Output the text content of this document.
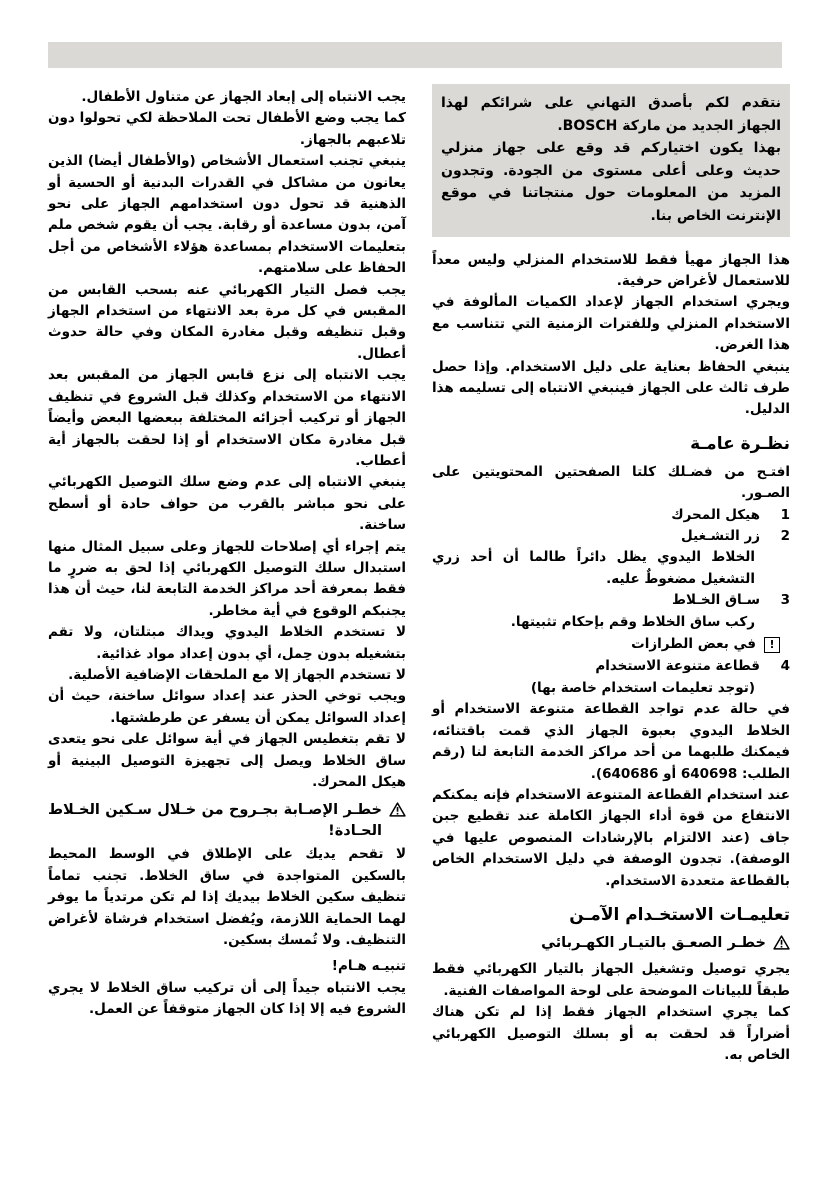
نتقدم لكم بأصدق التهاني على شرائكم لهذا الجهاز الجديد من ماركة BOSCH.

بهذا يكون اختياركم قد وقع على جهاز منزلي حديث وعلى أعلى مستوى من الجودة. وتجدون المزيد من المعلومات حول منتجاتنا في موقع الإنترنت الخاص بنا.

هذا الجهاز مهيأ فقط للاستخدام المنزلي وليس معداً للاستعمال لأغراض حرفية.

ويجري استخدام الجهاز لإعداد الكميات المألوفة في الاستخدام المنزلي وللفترات الزمنية التي تتناسب مع هذا الغرض.

ينبغي الحفاظ بعناية على دليل الاستخدام. وإذا حصل طرف ثالث على الجهاز فينبغي الانتباه إلى تسليمه هذا الدليل.

نظـرة عامـة

افتـح من فضـلك كلتا الصفحتين المحتويتين على الصـور.

1
هيكل المحرك
2
زر التشـغيل
الخلاط اليدوي يظل دائراً طالما أن أحد زري التشغيل مضغوطٌ عليه.
3
سـاق الخـلاط
ركب ساق الخلاط وقم بإحكام تثبيتها.
!
في بعض الطرازات
4
قطاعة متنوعة الاستخدام
(توجد تعليمات استخدام خاصة بها)

في حالة عدم تواجد القطاعة متنوعة الاستخدام أو الخلاط اليدوي بعبوة الجهاز الذي قمت باقتنائه، فيمكنك طلبهما من أحد مراكز الخدمة التابعة لنا (رقم الطلب: 640698 أو 640686).

عند استخدام القطاعة المتنوعة الاستخدام فإنه يمكنكم الانتفاع من قوة أداء الجهاز الكاملة عند تقطيع جبن جاف (عند الالتزام بالإرشادات المنصوص عليها في الوصفة). تجدون الوصفة في دليل الاستخدام الخاص بالقطاعة متعددة الاستخدام.

تعليمـات الاستخـدام الآمـن
خطـر الصعـق بالتيـار الكهـربائي

يجري توصيل وتشغيل الجهاز بالتيار الكهربائي فقط طبقاً للبيانات الموضحة على لوحة المواصفات الفنية.

كما يجري استخدام الجهاز فقط إذا لم تكن هناك أضراراً قد لحقت به أو بسلك التوصيل الكهربائي الخاص به.

يجب الانتباه إلى إبعاد الجهاز عن متناول الأطفال.

كما يجب وضع الأطفال تحت الملاحظة لكي تحولوا دون تلاعبهم بالجهاز.

ينبغي تجنب استعمال الأشخاص (والأطفال أيضا) الذين يعانون من مشاكل في القدرات البدنية أو الحسية أو الذهنية قد تحول دون استخدامهم الجهاز على نحو آمن، بدون مساعدة أو رقابة. يجب أن يقوم شخص ملم بتعليمات الاستخدام بمساعدة هؤلاء الأشخاص من أجل الحفاظ على سلامتهم.

يجب فصل التيار الكهربائي عنه بسحب القابس من المقبس في كل مرة بعد الانتهاء من استخدام الجهاز وقبل تنظيفه وقبل مغادرة المكان وفي حالة حدوث أعطال.

يجب الانتباه إلى نزع قابس الجهاز من المقبس بعد الانتهاء من الاستخدام وكذلك قبل الشروع في تنظيف الجهاز أو تركيب أجزائه المختلفة ببعضها البعض وأيضاً قبل مغادرة مكان الاستخدام أو إذا لحقت بالجهاز أية أعطاب.

ينبغي الانتباه إلى عدم وضع سلك التوصيل الكهربائي على نحو مباشر بالقرب من حواف حادة أو أسطح ساخنة.

يتم إجراء أي إصلاحات للجهاز وعلى سبيل المثال منها استبدال سلك التوصيل الكهربائي إذا لحق به ضررٍ ما فقط بمعرفة أحد مراكز الخدمة التابعة لنا، حيث أن هذا يجنبكم الوقوع في أية مخاطر.

لا تستخدم الخلاط اليدوي ويداك مبتلتان، ولا تقم بتشغيله بدون حِمل، أي بدون إعداد مواد غذائية.

لا تستخدم الجهاز إلا مع الملحقات الإضافية الأصلية.

ويجب توخي الحذر عند إعداد سوائل ساخنة، حيث أن إعداد السوائل يمكن أن يسفر عن طرطشتها.

لا تقم بتغطيس الجهاز في أية سوائل على نحو يتعدى ساق الخلاط ويصل إلى تجهيزة التوصيل البينية أو هيكل المحرك.

خطـر الإصـابة بجـروح من خـلال سـكين الخـلاط الحـادة!

لا تقحم يديك على الإطلاق في الوسط المحيط بالسكين المتواجدة في ساق الخلاط. تجنب تماماً تنظيف سكين الخلاط بيديك إذا لم تكن مرتدياً ما يوفر لهما الحماية اللازمة، ويُفضل استخدام فرشاة لأغراض التنظيف. ولا تُمسك بسكين.

تنبيـه هـام!

يجب الانتباه جيداً إلى أن تركيب ساق الخلاط لا يجري الشروع فيه إلا إذا كان الجهاز متوقفاً عن العمل.
